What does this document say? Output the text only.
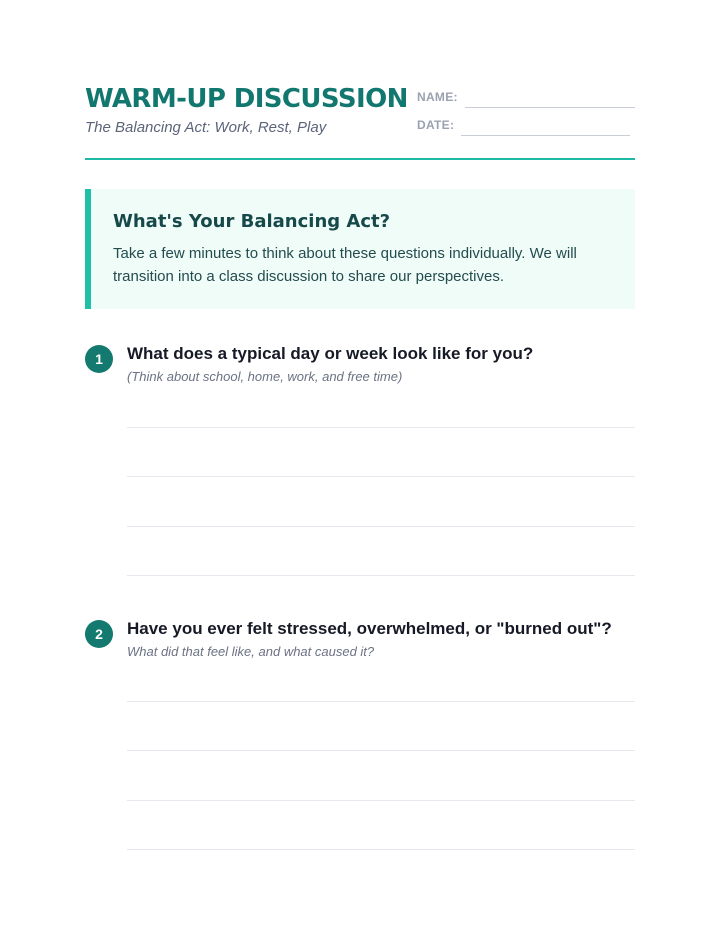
WARM-UP DISCUSSION
The Balancing Act: Work, Rest, Play
NAME:
DATE:
What's Your Balancing Act?
Take a few minutes to think about these questions individually. We will transition into a class discussion to share our perspectives.
1	What does a typical day or week look like for you?
(Think about school, home, work, and free time)
2	Have you ever felt stressed, overwhelmed, or "burned out"?
What did that feel like, and what caused it?
